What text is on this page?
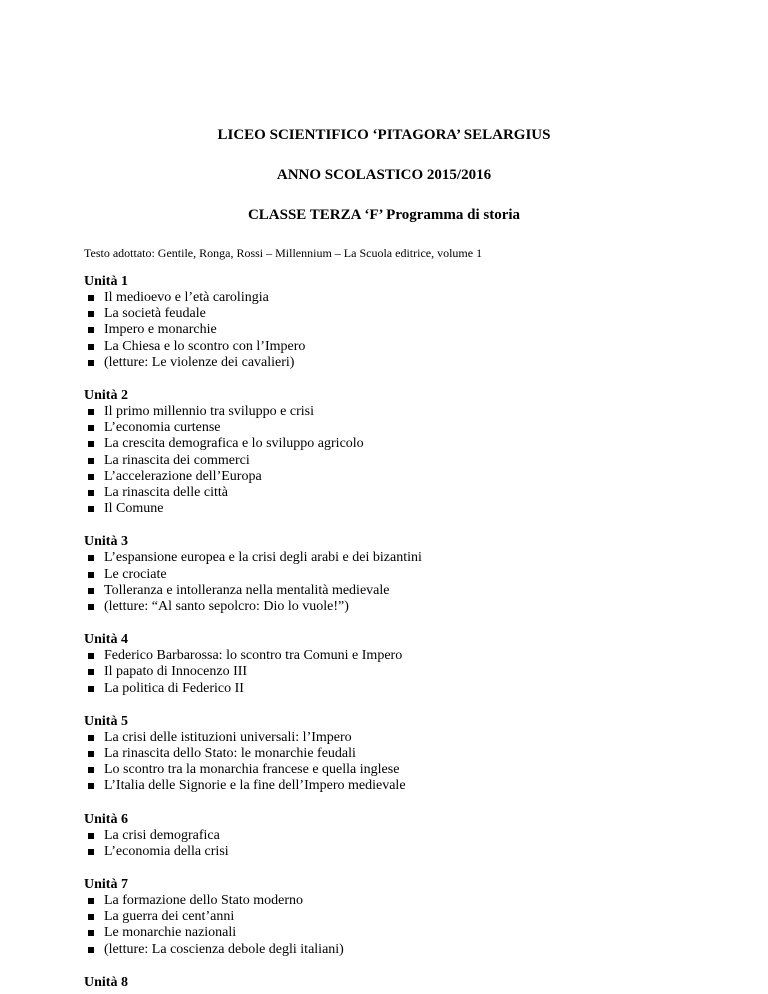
LICEO SCIENTIFICO ‘PITAGORA’ SELARGIUS
ANNO SCOLASTICO 2015/2016
CLASSE TERZA ‘F’ Programma di storia
Testo adottato: Gentile, Ronga, Rossi – Millennium – La Scuola editrice, volume 1
Unità 1
Il medioevo e l’età carolingia
La società feudale
Impero e monarchie
La Chiesa e lo scontro con l’Impero
(letture: Le violenze dei cavalieri)
Unità 2
Il primo millennio tra sviluppo e crisi
L’economia curtense
La crescita demografica e lo sviluppo agricolo
La rinascita dei commerci
L’accelerazione dell’Europa
La rinascita delle città
Il Comune
Unità 3
L’espansione europea e la crisi degli arabi e dei bizantini
Le crociate
Tolleranza e intolleranza nella mentalità medievale
(letture: “Al santo sepolcro: Dio lo vuole!”)
Unità 4
Federico Barbarossa: lo scontro tra Comuni e Impero
Il papato di Innocenzo III
La politica di Federico II
Unità 5
La crisi delle istituzioni universali: l’Impero
La rinascita dello Stato: le monarchie feudali
Lo scontro tra la monarchia francese e quella inglese
L’Italia delle Signorie e la fine dell’Impero medievale
Unità 6
La crisi demografica
L’economia della crisi
Unità 7
La formazione dello Stato moderno
La guerra dei cent’anni
Le monarchie nazionali
(letture: La coscienza debole degli italiani)
Unità 8
